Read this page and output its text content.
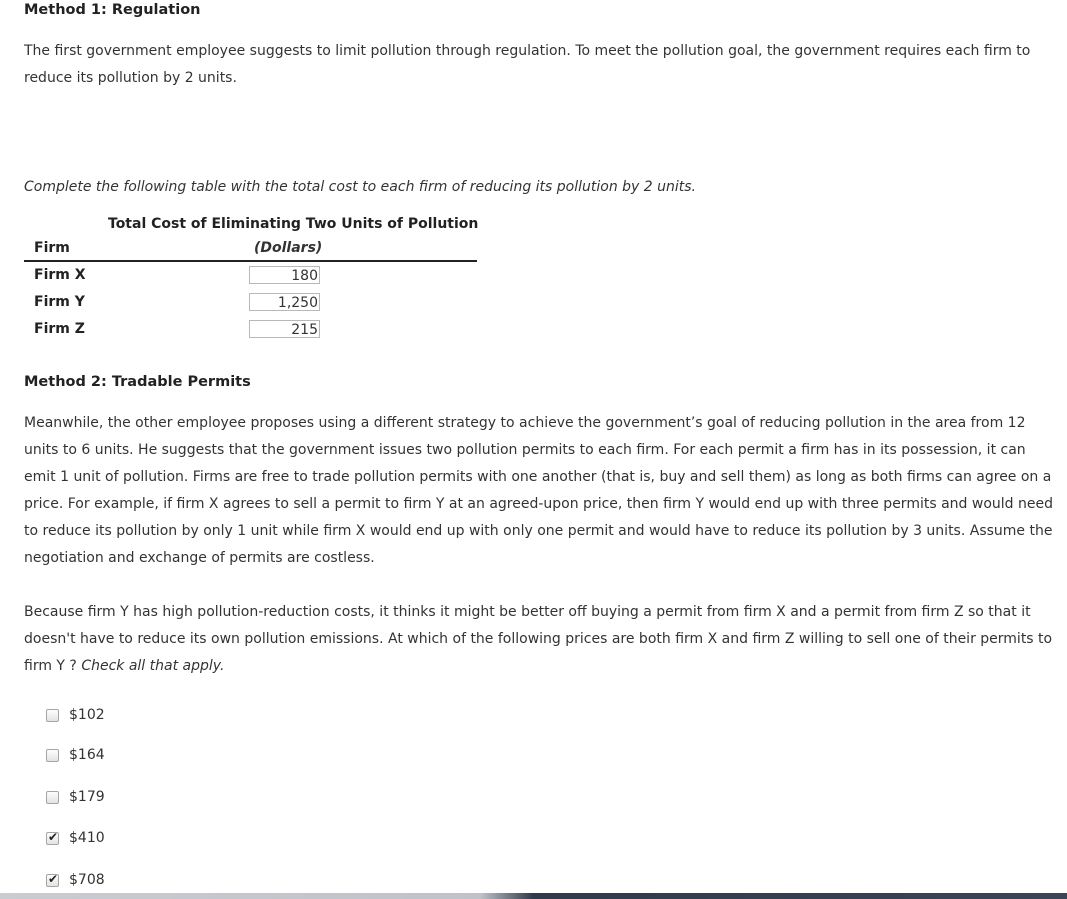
Method 1: Regulation

The first government employee suggests to limit pollution through regulation. To meet the pollution goal, the government requires each firm to reduce its pollution by 2 units.

Complete the following table with the total cost to each firm of reducing its pollution by 2 units.

Total Cost of Eliminating Two Units of Pollution
Firm	(Dollars)
Firm X	180
Firm Y	1,250
Firm Z	215
Method 2: Tradable Permits

Meanwhile, the other employee proposes using a different strategy to achieve the government’s goal of reducing pollution in the area from 12 units to 6 units. He suggests that the government issues two pollution permits to each firm. For each permit a firm has in its possession, it can emit 1 unit of pollution. Firms are free to trade pollution permits with one another (that is, buy and sell them) as long as both firms can agree on a price. For example, if firm X agrees to sell a permit to firm Y at an agreed-upon price, then firm Y would end up with three permits and would need to reduce its pollution by only 1 unit while firm X would end up with only one permit and would have to reduce its pollution by 3 units. Assume the negotiation and exchange of permits are costless.

Because firm Y has high pollution-reduction costs, it thinks it might be better off buying a permit from firm X and a permit from firm Z so that it doesn't have to reduce its own pollution emissions. At which of the following prices are both firm X and firm Z willing to sell one of their permits to firm Y ? Check all that apply.

$102
$164
$179
✔ $410
✔ $708
